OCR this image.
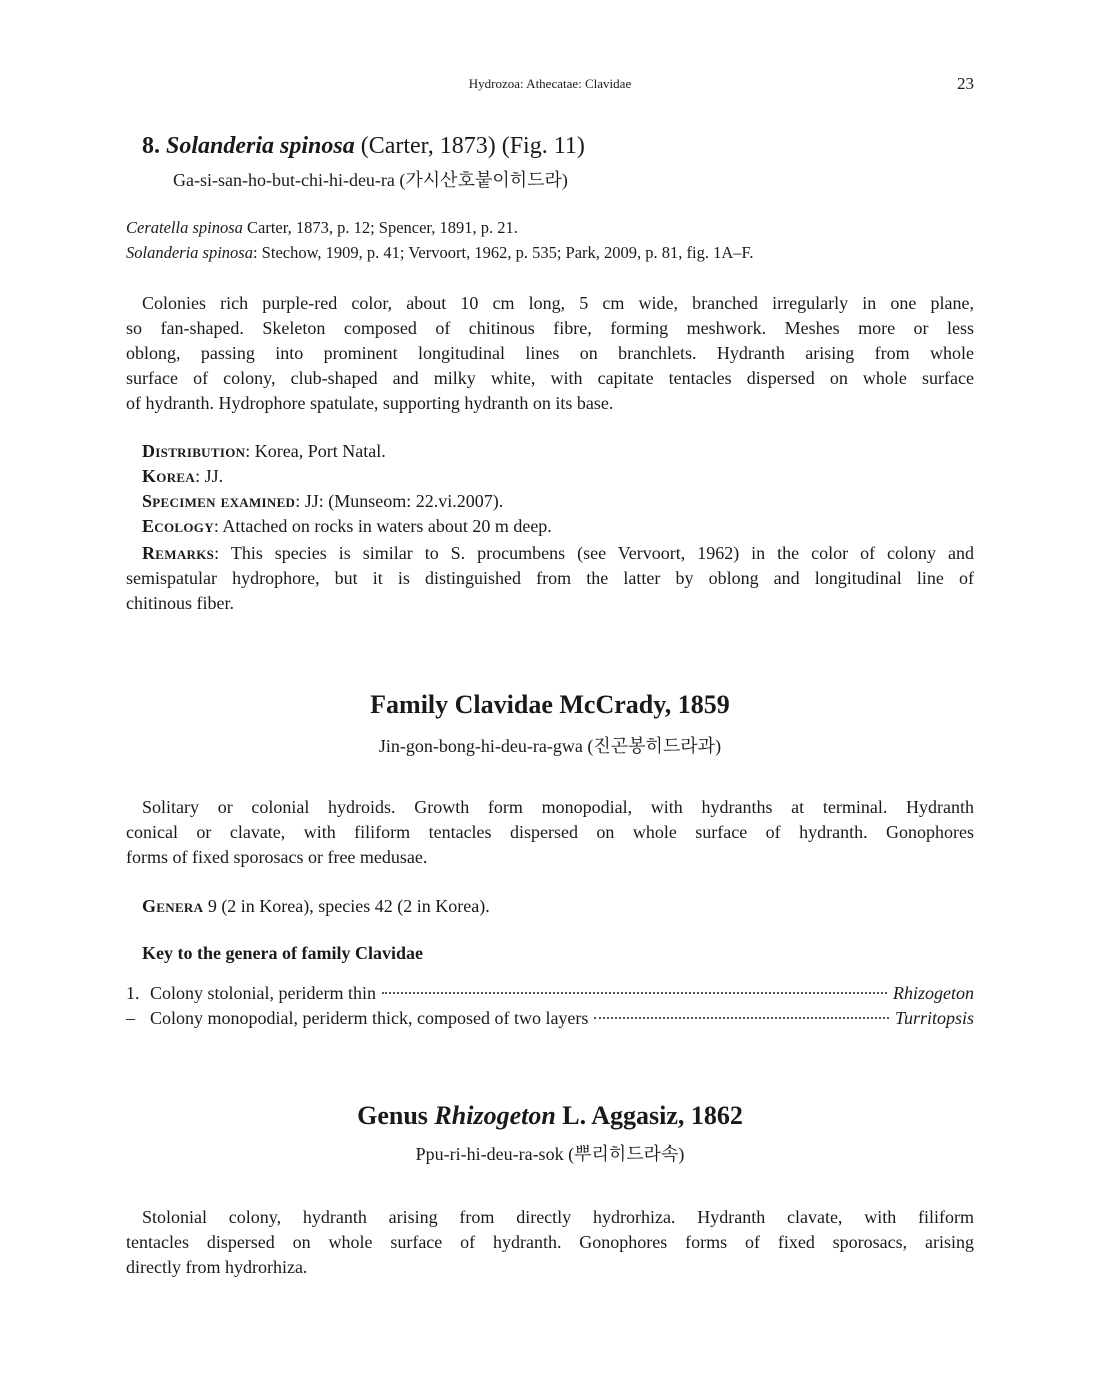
Hydrozoa: Athecatae: Clavidae	23
8. Solanderia spinosa (Carter, 1873) (Fig. 11)
Ga-si-san-ho-but-chi-hi-deu-ra (가시산호붙이히드라)
Ceratella spinosa Carter, 1873, p. 12; Spencer, 1891, p. 21.
Solanderia spinosa: Stechow, 1909, p. 41; Vervoort, 1962, p. 535; Park, 2009, p. 81, fig. 1A–F.
Colonies rich purple-red color, about 10 cm long, 5 cm wide, branched irregularly in one plane,
so fan-shaped. Skeleton composed of chitinous fibre, forming meshwork. Meshes more or less
oblong, passing into prominent longitudinal lines on branchlets. Hydranth arising from whole
surface of colony, club-shaped and milky white, with capitate tentacles dispersed on whole surface
of hydranth. Hydrophore spatulate, supporting hydranth on its base.
Distribution: Korea, Port Natal.
Korea: JJ.
Specimen examined: JJ: (Munseom: 22.vi.2007).
Ecology: Attached on rocks in waters about 20 m deep.
Remarks: This species is similar to S. procumbens (see Vervoort, 1962) in the color of colony and
semispatular hydrophore, but it is distinguished from the latter by oblong and longitudinal line of
chitinous fiber.
Family Clavidae McCrady, 1859
Jin-gon-bong-hi-deu-ra-gwa (진곤봉히드라과)
Solitary or colonial hydroids. Growth form monopodial, with hydranths at terminal. Hydranth
conical or clavate, with filiform tentacles dispersed on whole surface of hydranth. Gonophores
forms of fixed sporosacs or free medusae.
Genera 9 (2 in Korea), species 42 (2 in Korea).
Key to the genera of family Clavidae
1. Colony stolonial, periderm thin	Rhizogeton
– Colony monopodial, periderm thick, composed of two layers	Turritopsis
Genus Rhizogeton L. Aggasiz, 1862
Ppu-ri-hi-deu-ra-sok (뿌리히드라속)
Stolonial colony, hydranth arising from directly hydrorhiza. Hydranth clavate, with filiform
tentacles dispersed on whole surface of hydranth. Gonophores forms of fixed sporosacs, arising
directly from hydrorhiza.
